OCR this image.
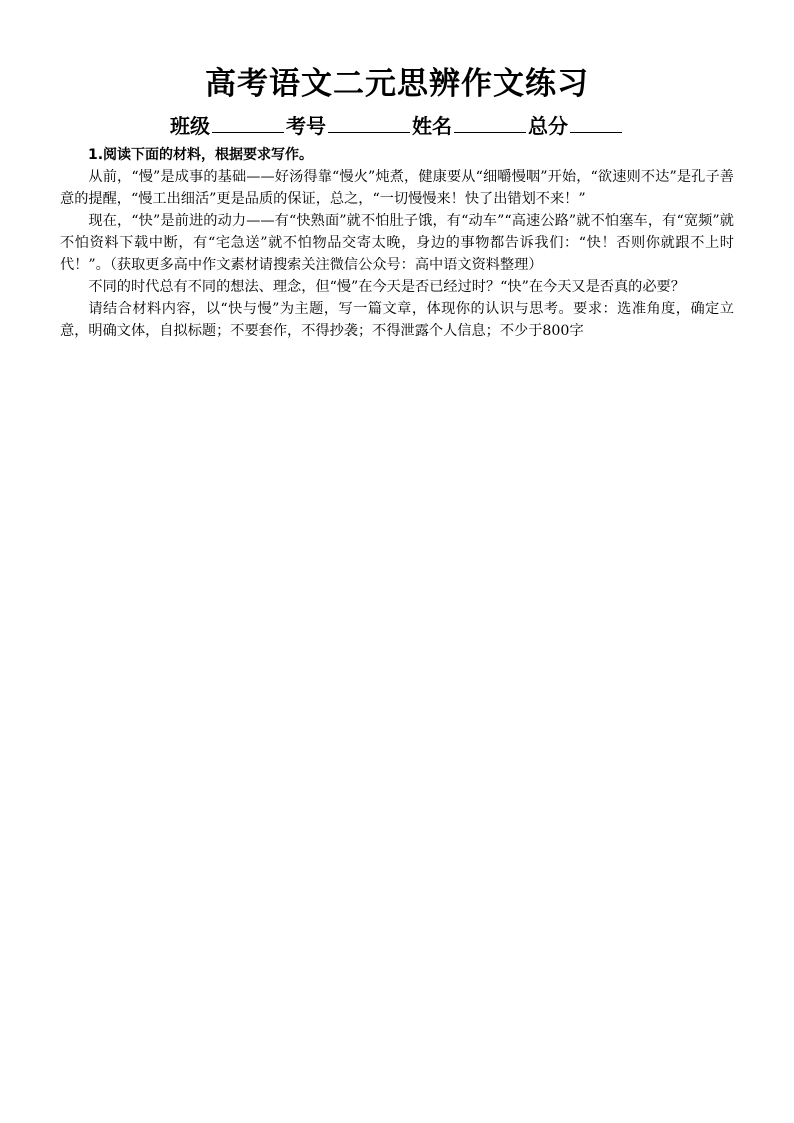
高考语文二元思辨作文练习
班级	考号	姓名	总分

1.阅读下面的材料，根据要求写作。

从前，“慢”是成事的基础——好汤得靠“慢火”炖煮，健康要从“细嚼慢咽”开始，“欲速则不达”是孔子善意的提醒，“慢工出细活”更是品质的保证，总之，“一切慢慢来！快了出错划不来！”

现在，“快”是前进的动力——有“快熟面”就不怕肚子饿，有“动车”“高速公路”就不怕塞车，有“宽频”就不怕资料下载中断，有“宅急送”就不怕物品交寄太晚，身边的事物都告诉我们：“快！否则你就跟不上时代！”。（获取更多高中作文素材请搜索关注微信公众号：高中语文资料整理）

不同的时代总有不同的想法、理念，但“慢”在今天是否已经过时？“快”在今天又是否真的必要？

请结合材料内容，以“快与慢”为主题，写一篇文章，体现你的认识与思考。要求：选准角度，确定立意，明确文体，自拟标题；不要套作，不得抄袭；不得泄露个人信息；不少于800字
